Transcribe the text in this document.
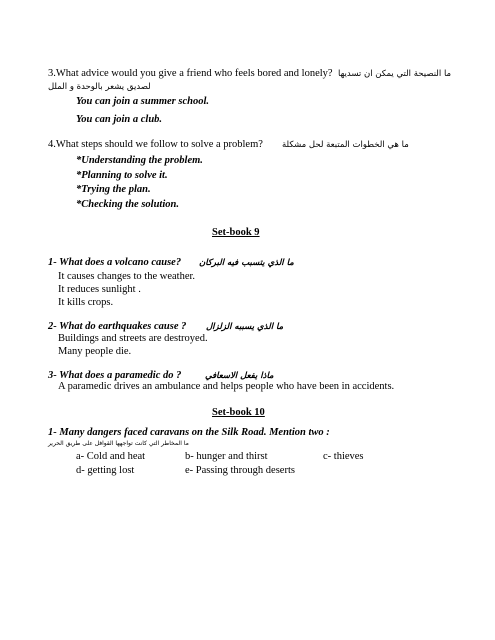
3.What advice would you give a friend who feels bored and lonely? ما النصيحة التي يمكن ان تسديها
لصديق يشعر بالوحدة و الملل
You can join a summer school.
You can join a club.
4.What steps should we follow to solve a problem? ما هي الخطوات المتبعة لحل مشكلة
*Understanding the problem.
*Planning to solve it.
*Trying the plan.
*Checking the solution.
Set-book 9
1- What does a volcano cause? ما الذي يتسبب فيه البركان
It causes changes to the weather.
It reduces sunlight .
It kills crops.
2- What do earthquakes cause ? ما الذي يسببه الزلزال
Buildings and streets are destroyed.
Many people die.
3- What does a paramedic do ?	ماذا يفعل الاسعافي
A paramedic drives an ambulance and helps people who have been in accidents.
Set-book 10
1- Many dangers faced caravans on the Silk Road. Mention two :
ما المخاطر التي كانت تواجهها القوافل على طريق الحرير
a- Cold and heat	b- hunger and thirst	c- thieves
d- getting lost	e- Passing through deserts
